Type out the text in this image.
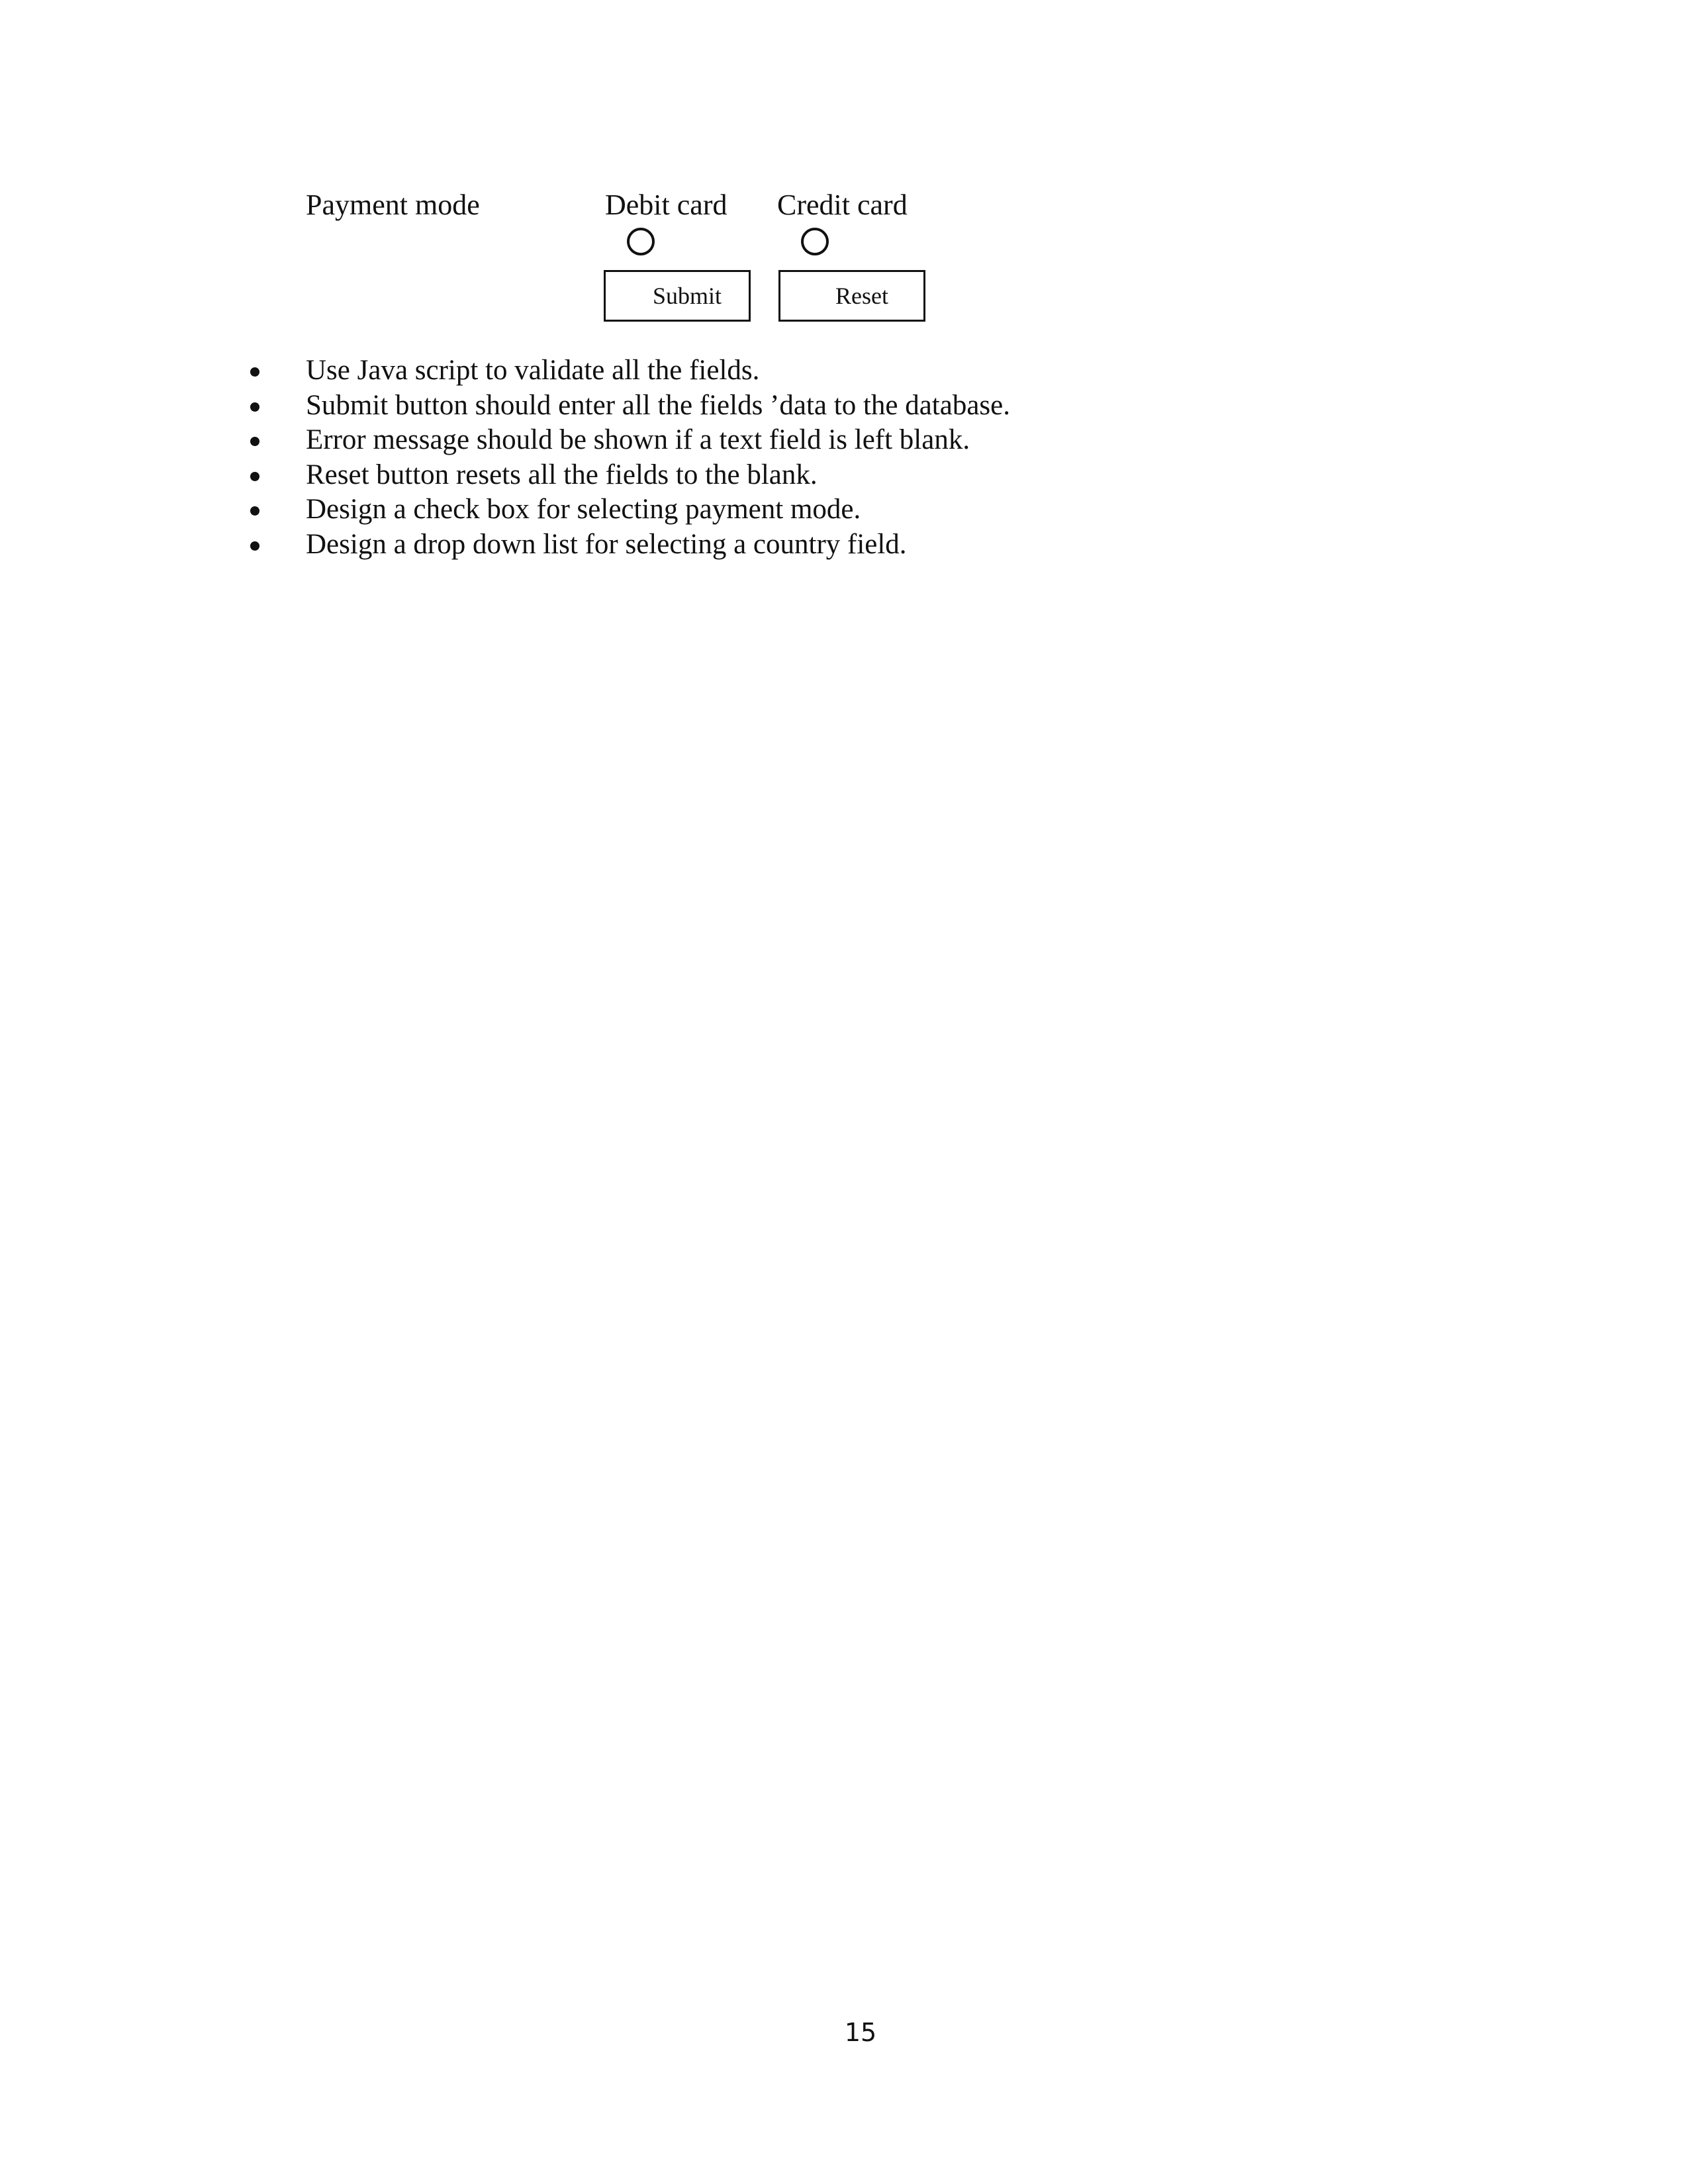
Payment mode	Debit card Credit card
Submit	Reset
Use Java script to validate all the fields.
Submit button should enter all the fields ’data to the database.
Error message should be shown if a text field is left blank.
Reset button resets all the fields to the blank.
Design a check box for selecting payment mode.
Design a drop down list for selecting a country field.
15
